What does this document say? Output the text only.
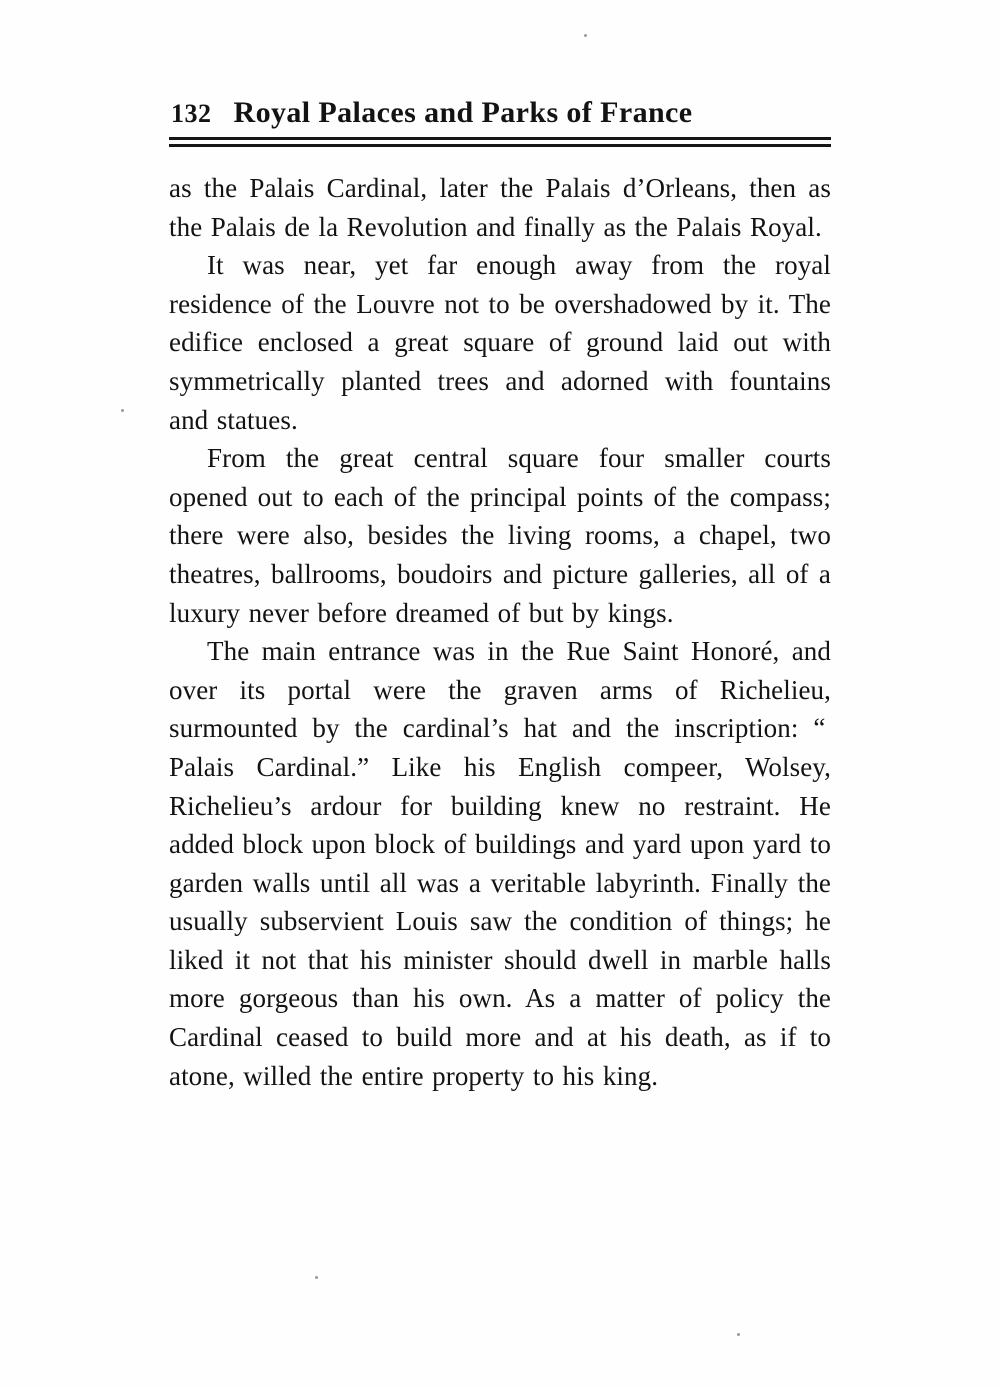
132 Royal Palaces and Parks of France

as the Palais Cardinal, later the Palais d’Orleans, then as the Palais de la Revolution and finally as the Palais Royal.

It was near, yet far enough away from the royal residence of the Louvre not to be overshadowed by it. The edifice enclosed a great square of ground laid out with symmetrically planted trees and adorned with fountains and statues.

From the great central square four smaller courts opened out to each of the principal points of the compass; there were also, besides the living rooms, a chapel, two theatres, ballrooms, boudoirs and picture galleries, all of a luxury never before dreamed of but by kings.

The main entrance was in the Rue Saint Honoré, and over its portal were the graven arms of Richelieu, surmounted by the cardinal’s hat and the inscription: “ Palais Cardinal.” Like his English compeer, Wolsey, Richelieu’s ardour for building knew no restraint. He added block upon block of buildings and yard upon yard to garden walls until all was a veritable labyrinth. Finally the usually subservient Louis saw the condition of things; he liked it not that his minister should dwell in marble halls more gorgeous than his own. As a matter of policy the Cardinal ceased to build more and at his death, as if to atone, willed the entire property to his king.
